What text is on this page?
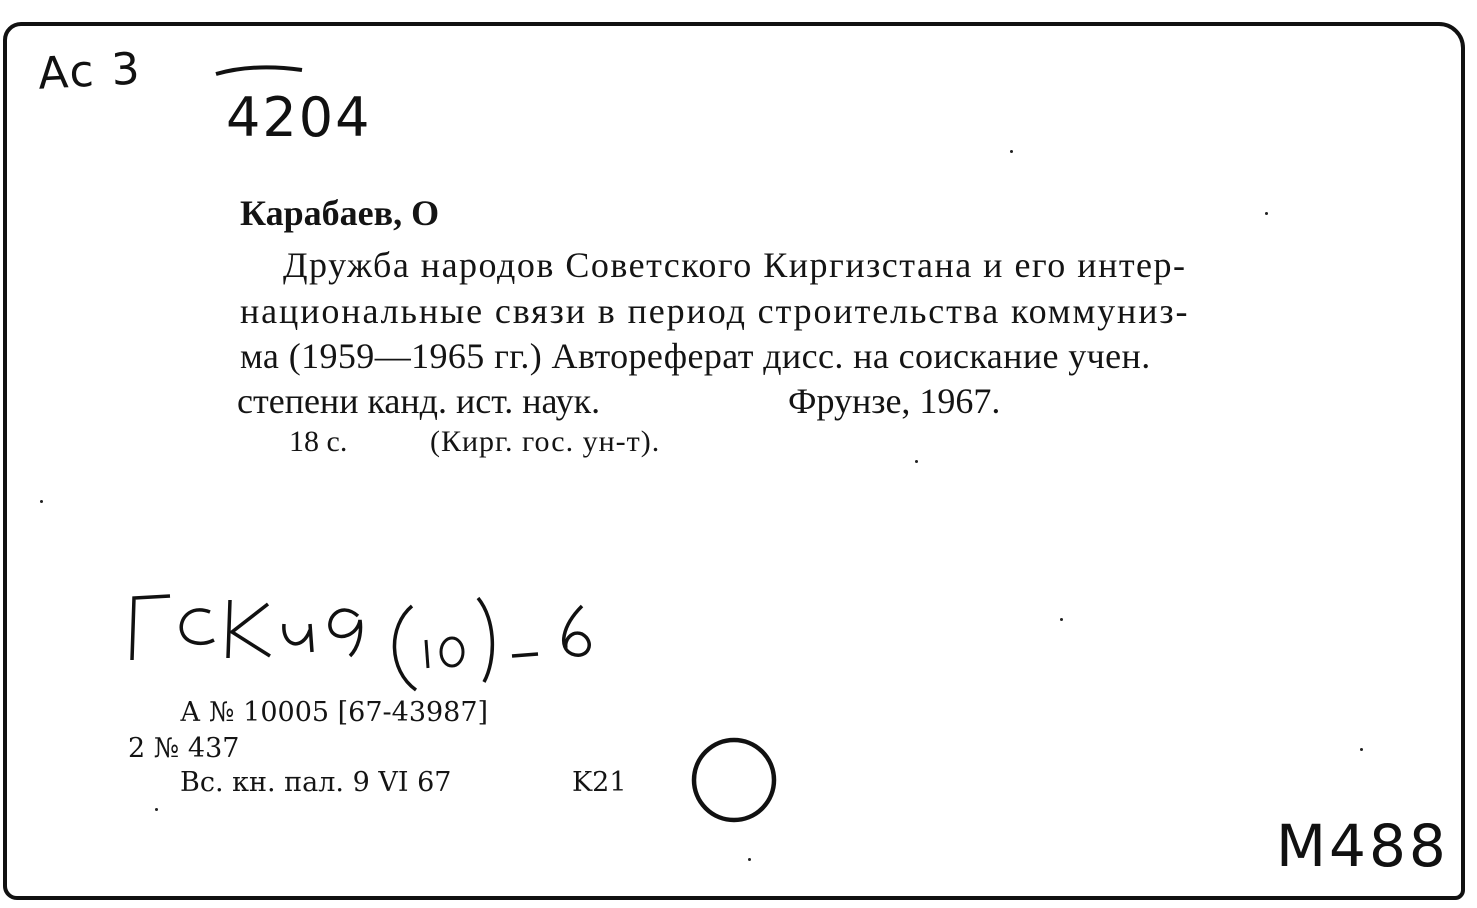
Ac 3
4204
Карабаев, О
Дружба народов Советского Киргизстана и его интер-
национальные связи в период строительства коммуниз-
ма (1959—1965 гг.) Автореферат дисс. на соискание учен.
степени канд. ист. наук.	Фрунзе, 1967.
18 с.	(Кирг. гос. ун-т).
А № 10005 [67-43987]
2 № 437
Вс. кн. пал. 9 VI 67	K21
M488
